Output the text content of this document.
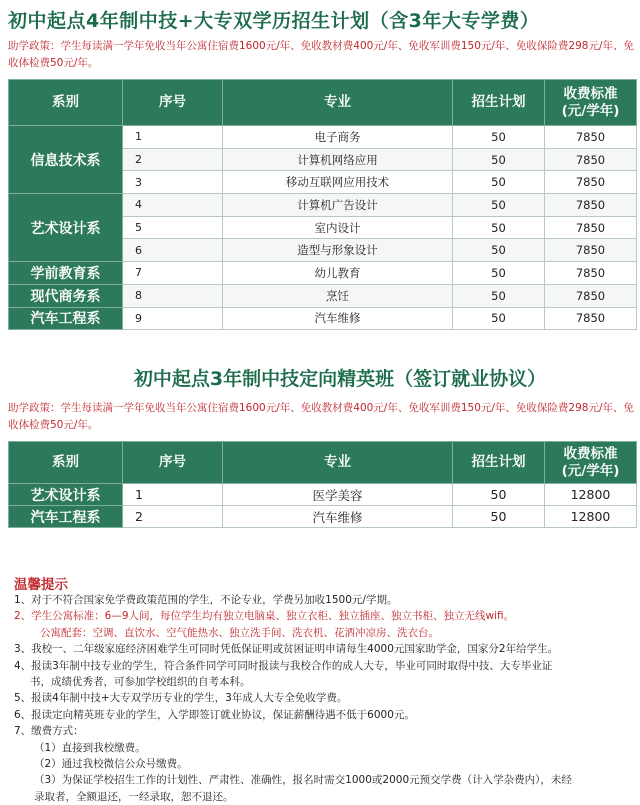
初中起点4年制中技+大专双学历招生计划（含3年大专学费）
助学政策：学生每读满一学年免收当年公寓住宿费1600元/年、免收教材费400元/年、免收军训费150元/年、免收保险费298元/年、免收体检费50元/年。
系别	序号	专业	招生计划	收费标准
(元/学年)
信息技术系	1	电子商务	50	7850
	2	计算机网络应用	50	7850
	3	移动互联网应用技术	50	7850
艺术设计系	4	计算机广告设计	50	7850
	5	室内设计	50	7850
	6	造型与形象设计	50	7850
学前教育系	7	幼儿教育	50	7850
现代商务系	8	烹饪	50	7850
汽车工程系	9	汽车维修	50	7850
初中起点3年制中技定向精英班（签订就业协议）
助学政策：学生每读满一学年免收当年公寓住宿费1600元/年、免收教材费400元/年、免收军训费150元/年、免收保险费298元/年、免收体检费50元/年。
系别	序号	专业	招生计划	收费标准
(元/学年)
艺术设计系	1	医学美容	50	12800
汽车工程系	2	汽车维修	50	12800
温馨提示
1、对于不符合国家免学费政策范围的学生，不论专业，学费另加收1500元/学期。
2、学生公寓标准：6—9人间，每位学生均有独立电脑桌、独立衣柜、独立插座、独立书柜、独立无线wifi。
公寓配套：空调、直饮水、空气能热水、独立洗手间、洗衣机、花洒冲凉房、洗衣台。
3、我校一、二年级家庭经济困难学生可同时凭低保证明或贫困证明申请每生4000元国家助学金，国家分2年给学生。
4、报读3年制中技专业的学生，符合条件同学可同时报读与我校合作的成人大专，毕业可同时取得中技、大专毕业证
书，成绩优秀者，可参加学校组织的自考本科。
5、报读4年制中技+大专双学历专业的学生，3年成人大专全免收学费。
6、报读定向精英班专业的学生，入学即签订就业协议，保证薪酬待遇不低于6000元。
7、缴费方式：
（1）直接到我校缴费。
（2）通过我校微信公众号缴费。
（3）为保证学校招生工作的计划性、严肃性、准确性，报名时需交1000或2000元预交学费（计入学杂费内），未经
录取者，全额退还，一经录取，恕不退还。
